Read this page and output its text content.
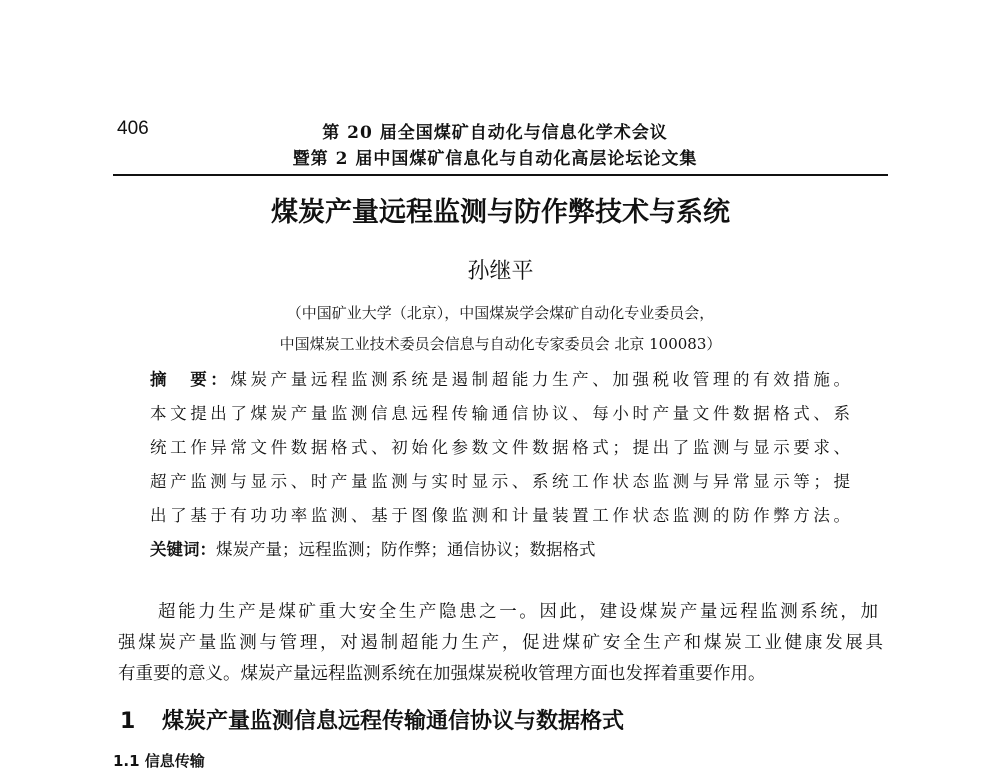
406	第 20 届全国煤矿自动化与信息化学术会议
暨第 2 届中国煤矿信息化与自动化高层论坛论文集
煤炭产量远程监测与防作弊技术与系统
孙继平
（中国矿业大学（北京），中国煤炭学会煤矿自动化专业委员会，
中国煤炭工业技术委员会信息与自动化专家委员会 北京 100083）
摘　要：煤炭产量远程监测系统是遏制超能力生产、加强税收管理的有效措施。
本文提出了煤炭产量监测信息远程传输通信协议、每小时产量文件数据格式、系
统工作异常文件数据格式、初始化参数文件数据格式；提出了监测与显示要求、
超产监测与显示、时产量监测与实时显示、系统工作状态监测与异常显示等；提
出了基于有功功率监测、基于图像监测和计量装置工作状态监测的防作弊方法。
关键词：煤炭产量；远程监测；防作弊；通信协议；数据格式
超能力生产是煤矿重大安全生产隐患之一。因此，建设煤炭产量远程监测系统，加
强煤炭产量监测与管理，对遏制超能力生产，促进煤矿安全生产和煤炭工业健康发展具
有重要的意义。煤炭产量远程监测系统在加强煤炭税收管理方面也发挥着重要作用。
1 煤炭产量监测信息远程传输通信协议与数据格式
1.1 信息传输
